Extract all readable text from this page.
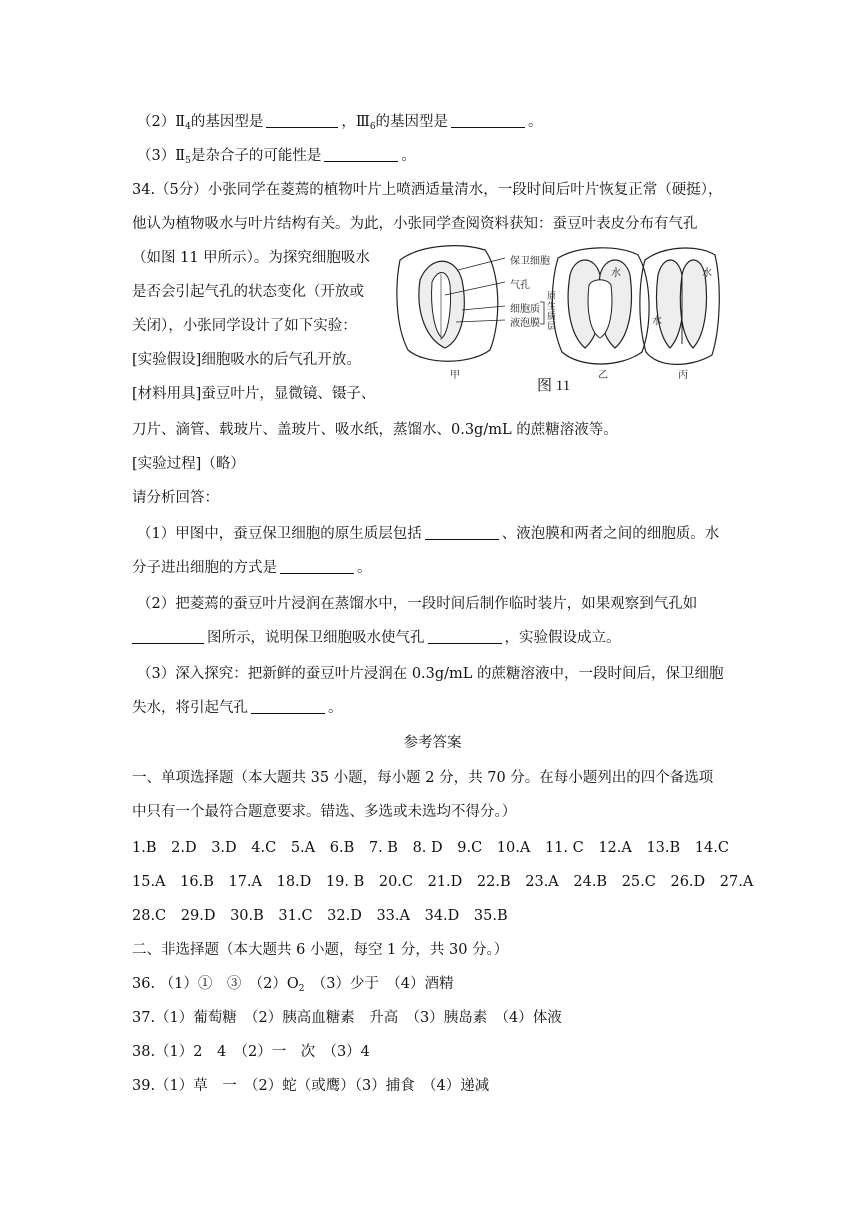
$(2)Ⅱ_4$的基因型是	，$Ⅲ_6$的基因型是	。
$(3)Ⅱ_5$是杂合子的可能性是	。
34.（5分）小张同学在菱蔫的植物叶片上喷洒适量清水，一段时间后叶片恢复正常（硬挺），
他认为植物吸水与叶片结构有关。为此，小张同学查阅资料获知：蚕豆叶表皮分布有气孔
（如图 11 甲所示）。为探究细胞吸水
是否会引起气孔的状态变化（开放或
关闭），小张同学设计了如下实验：
[实验假设]细胞吸水的后气孔开放。
[材料用具]蚕豆叶片，显微镜、镊子、
刀片、滴管、载玻片、盖玻片、吸水纸，蒸馏水、0.3g/mL 的蔗糖溶液等。
[实验过程]（略）
请分析回答：
（1）甲图中，蚕豆保卫细胞的原生质层包括	、液泡膜和两者之间的细胞质。水
分子进出细胞的方式是	。
（2）把菱蔫的蚕豆叶片浸润在蒸馏水中，一段时间后制作临时装片，如果观察到气孔如
图所示，说明保卫细胞吸水使气孔	，实验假设成立。
（3）深入探究：把新鲜的蚕豆叶片浸润在 0.3g/mL 的蔗糖溶液中，一段时间后，保卫细胞
失水，将引起气孔	。
保卫细胞
气孔
细胞质
液泡膜
原生质层
水
水
水
甲	乙	丙
图 11
参考答案
一、单项选择题（本大题共 35 小题，每小题 2 分，共 70 分。在每小题列出的四个备选项
中只有一个最符合题意要求。错选、多选或未选均不得分。）
1.B 2.D 3.D 4.C 5.A 6.B 7. B 8. D 9.C 10.A 11. C 12.A 13.B 14.C
15.A 16.B 17.A 18.D 19. B 20.C 21.D 22.B 23.A 24.B 25.C 26.D 27.A
28.C 29.D 30.B 31.C 32.D 33.A 34.D 35.B
二、非选择题（本大题共 6 小题，每空 1 分，共 30 分。）
36. （1）①　③　$(2)O_2$　（3）少于　（4）酒精
37.（1）葡萄糖　（2）胰高血糖素　升高　（3）胰岛素　（4）体液
38.（1）2　4　（2）一　次　（3）4
39.（1）草　一　（2）蛇（或鹰）（3）捕食　（4）递减
